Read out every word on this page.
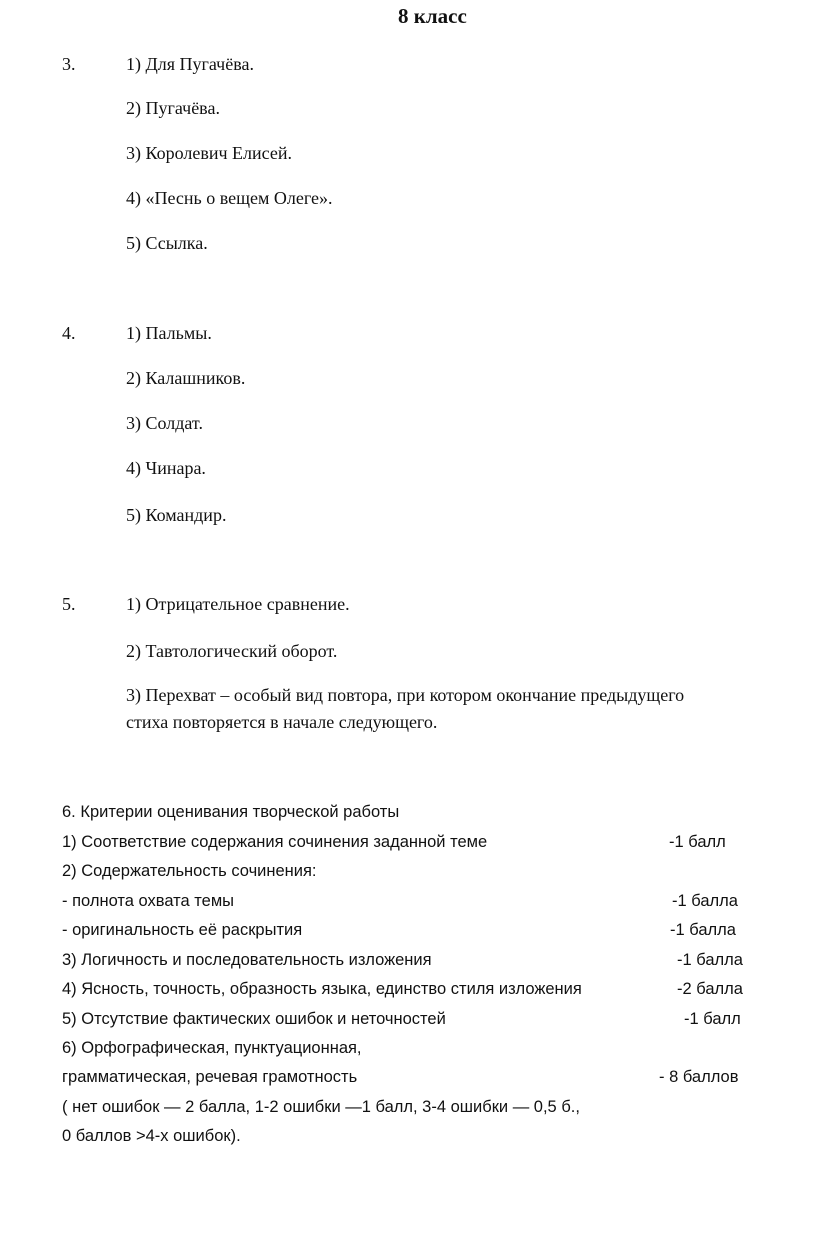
8 класс
3.	1) Для Пугачёва.
2) Пугачёва.
3) Королевич Елисей.
4) «Песнь о вещем Олеге».
5) Ссылка.
4.	1) Пальмы.
2) Калашников.
3) Солдат.
4) Чинара.
5) Командир.
5.	1) Отрицательное сравнение.
2) Тавтологический оборот.
3) Перехват – особый вид повтора, при котором окончание предыдущего
стиха повторяется в начале следующего.
6. Критерии оценивания творческой работы
1) Соответствие содержания сочинения заданной теме	-1 балл
2) Содержательность сочинения:
- полнота охвата темы	-1 балла
- оригинальность её раскрытия	-1 балла
3) Логичность и последовательность изложения	-1 балла
4) Ясность, точность, образность языка, единство стиля изложения	-2 балла
5) Отсутствие фактических ошибок и неточностей	-1 балл
6) Орфографическая, пунктуационная,
грамматическая, речевая грамотность	- 8 баллов
( нет ошибок — 2 балла, 1-2 ошибки —1 балл, 3-4 ошибки — 0,5 б.,
0 баллов >4-х ошибок).
